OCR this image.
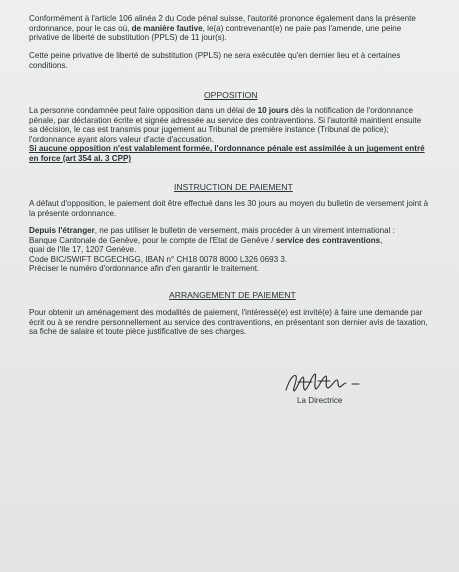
Conformément à l'article 106 alinéa 2 du Code pénal suisse, l'autorité prononce également dans la présente
ordonnance, pour le cas où, de manière fautive, le(a) contrevenant(e) ne paie pas l'amende, une peine
privative de liberté de substitution (PPLS) de 11 jour(s).
Cette peine privative de liberté de substitution (PPLS) ne sera exécutée qu'en dernier lieu et à certaines
conditions.
OPPOSITION
La personne condamnée peut faire opposition dans un délai de 10 jours dès la notification de l'ordonnance
pénale, par déclaration écrite et signée adressée au service des contraventions. Si l'autorité maintient ensuite
sa décision, le cas est transmis pour jugement au Tribunal de première instance (Tribunal de police);
l'ordonnance ayant alors valeur d'acte d'accusation.
Si aucune opposition n'est valablement formée, l'ordonnance pénale est assimilée à un jugement entré
en force (art 354 al. 3 CPP)
INSTRUCTION DE PAIEMENT
A défaut d'opposition, le paiement doit être effectué dans les 30 jours au moyen du bulletin de versement joint à
la présente ordonnance.
Depuis l'étranger, ne pas utiliser le bulletin de versement, mais procéder à un virement international :
Banque Cantonale de Genève, pour le compte de l'Etat de Genève / service des contraventions,
quai de l'Ile 17, 1207 Genève.
Code BIC/SWIFT BCGECHGG, IBAN n° CH18 0078 8000 L326 0693 3.
Préciser le numéro d'ordonnance afin d'en garantir le traitement.
ARRANGEMENT DE PAIEMENT
Pour obtenir un aménagement des modalités de paiement, l'intéressé(e) est invité(e) à faire une demande par
écrit ou à se rendre personnellement au service des contraventions, en présentant son dernier avis de taxation,
sa fiche de salaire et toute pièce justificative de ses charges.
La Directrice
